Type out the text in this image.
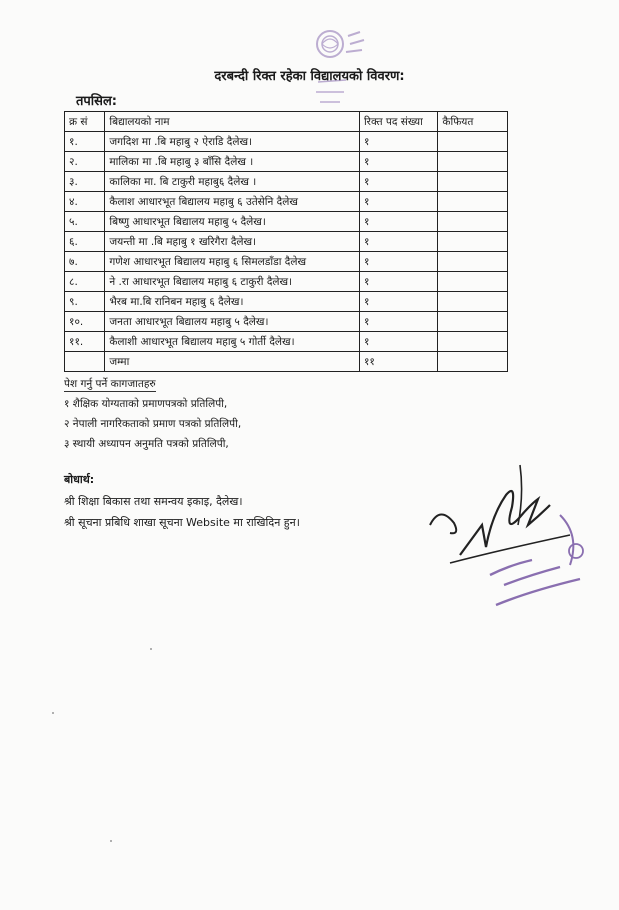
दरबन्दी रिक्त रहेका विद्यालयको विवरण:
तपसिल:
क्र सं	बिद्यालयको नाम	रिक्त पद संख्या	कैफियत
१.	जगदिश मा .बि महाबु २ ऐराडि दैलेख।	१	
२.	मालिका मा .बि महाबु ३ बाँसि दैलेख ।	१	
३.	कालिका मा. बि टाकुरी महाबु६ दैलेख ।	१	
४.	कैलाश आधारभूत बिद्यालय महाबु ६ उतेसेनि दैलेख	१	
५.	बिष्णु आधारभूत बिद्यालय महाबु ५ दैलेख।	१	
६.	जयन्ती मा .बि महाबु १ खरिगैरा दैलेख।	१	
७.	गणेश आधारभूत बिद्यालय महाबु ६ सिमलडाँडा दैलेख	१	
८.	ने .रा आधारभूत बिद्यालय महाबु ६ टाकुरी दैलेख।	१	
९.	भैरब मा.बि रानिबन महाबु ६ दैलेख।	१	
१०.	जनता आधारभूत बिद्यालय महाबु ५ दैलेख।	१	
११.	कैलाशी आधारभूत बिद्यालय महाबु ५ गोर्ती दैलेख।	१	
	जम्मा	११	
पेश गर्नु पर्ने कागजातहरु
१ शैक्षिक योग्यताको प्रमाणपत्रको प्रतिलिपी,
२ नेपाली नागरिकताको प्रमाण पत्रको प्रतिलिपी,
३ स्थायी अध्यापन अनुमति पत्रको प्रतिलिपी,
बोधार्थ:
श्री शिक्षा बिकास तथा समन्वय इकाइ, दैलेख।
श्री सूचना प्रबिधि शाखा सूचना Website मा राखिदिन हुन।
